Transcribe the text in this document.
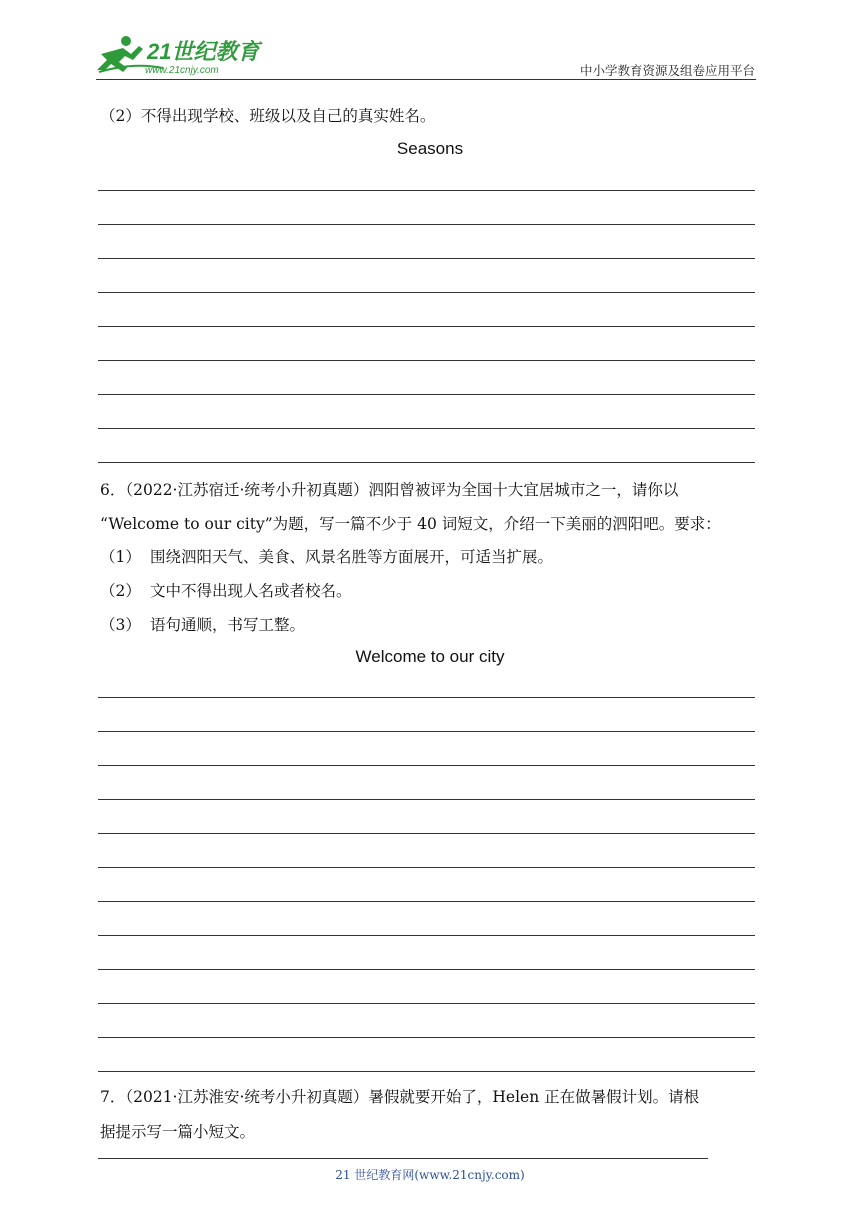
21世纪教育
www.21cnjy.com	中小学教育资源及组卷应用平台
（2）不得出现学校、班级以及自己的真实姓名。
Seasons
6．（2022·江苏宿迁·统考小升初真题）泗阳曾被评为全国十大宜居城市之一，请你以
“Welcome to our city”为题，写一篇不少于 40 词短文，介绍一下美丽的泗阳吧。要求：
（1） 围绕泗阳天气、美食、风景名胜等方面展开，可适当扩展。
（2） 文中不得出现人名或者校名。
（3） 语句通顺，书写工整。
Welcome to our city
7．（2021·江苏淮安·统考小升初真题）暑假就要开始了，Helen 正在做暑假计划。请根
据提示写一篇小短文。
21 世纪教育网(www.21cnjy.com)
